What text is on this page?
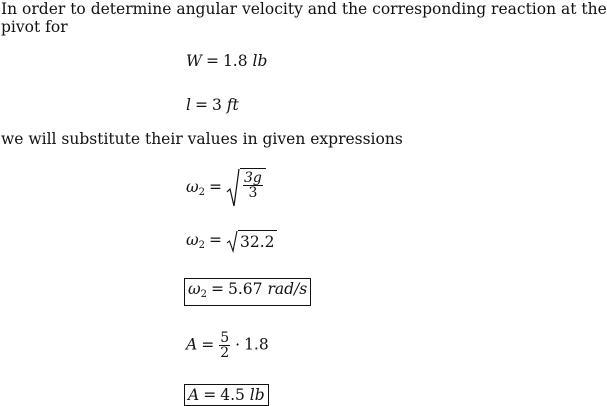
In order to determine angular velocity and the corresponding reaction at the
pivot for
W = 1.8 lb
l = 3 ft
we will substitute their values in given expressions
$\omega_2 = \frac{3g}{3}$
$\omega_2 = 32.2$
$\omega_2 = 5.67$ rad/s
$A = \frac{5}{2} \cdot 1.8$
A = 4.5 lb
